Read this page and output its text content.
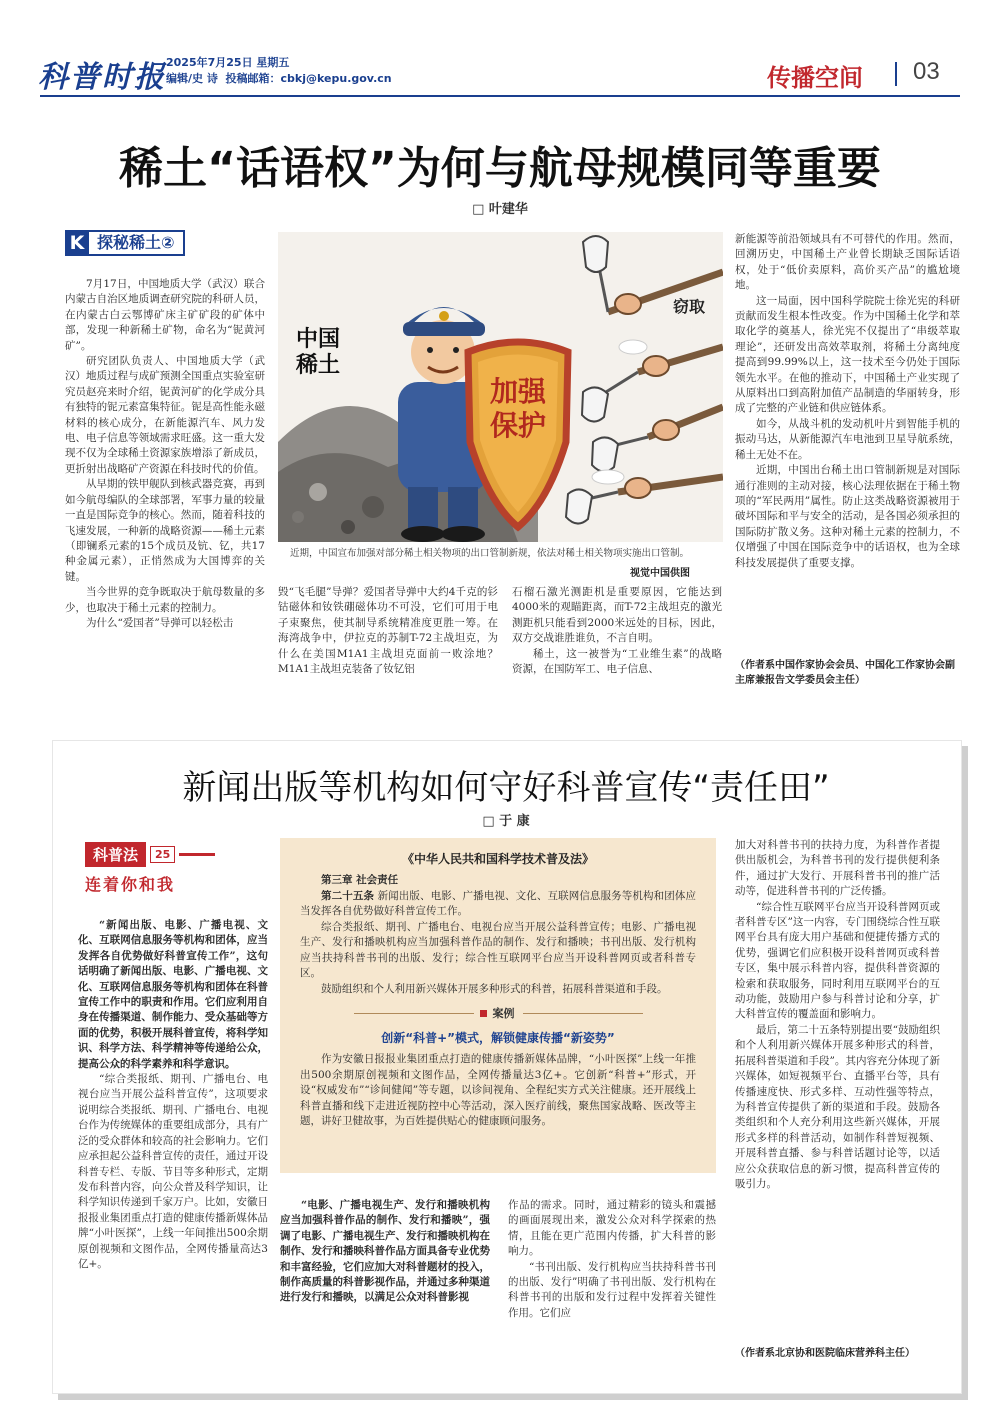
科普时报 2025年7月25日 星期五
编辑/史 诗 投稿邮箱：cbkj@kepu.gov.cn	传播空间 03
稀土“话语权”为何与航母规模同等重要
□ 叶建华
K 探秘稀土②

7月17日，中国地质大学（武汉）联合内蒙古自治区地质调查研究院的科研人员，在内蒙古白云鄂博矿床主矿矿段的矿体中部，发现一种新稀土矿物，命名为“铌黄河矿”。

研究团队负责人、中国地质大学（武汉）地质过程与成矿预测全国重点实验室研究员赵亮来时介绍，铌黄河矿的化学成分具有独特的铌元素富集特征。铌是高性能永磁材料的核心成分，在新能源汽车、风力发电、电子信息等领域需求旺盛。这一重大发现不仅为全球稀土资源家族增添了新成员，更折射出战略矿产资源在科技时代的价值。

从早期的铁甲舰队到核武器竞赛，再到如今航母编队的全球部署，军事力量的较量一直是国际竞争的核心。然而，随着科技的飞速发展，一种新的战略资源——稀土元素（即镧系元素的15个成员及钪、钇，共17种金属元素），正悄然成为大国博弈的关键。

当今世界的竞争既取决于航母数量的多少，也取决于稀土元素的控制力。

为什么“爱国者”导弹可以轻松击

中国
稀土
加强
保护
窃取
近期，中国宣布加强对部分稀土相关物项的出口管制新规，依法对稀土相关物项实施出口管制。
视觉中国供图

毁“飞毛腿”导弹？爱国者导弹中大约4千克的钐钴磁体和钕铁硼磁体功不可没，它们可用于电子束聚焦，使其制导系统精准度更胜一筹。在海湾战争中，伊拉克的苏制T-72主战坦克，为什么在美国M1A1主战坦克面前一败涂地？M1A1主战坦克装备了钕钇铝

石榴石激光测距机是重要原因，它能达到4000米的观瞄距离，而T-72主战坦克的激光测距机只能看到2000米远处的目标，因此，双方交战谁胜谁负，不言自明。

稀土，这一被誉为“工业维生素”的战略资源，在国防军工、电子信息、

新能源等前沿领域具有不可替代的作用。然而，回溯历史，中国稀土产业曾长期缺乏国际话语权，处于“低价卖原料，高价买产品”的尴尬境地。

这一局面，因中国科学院院士徐光宪的科研贡献而发生根本性改变。作为中国稀土化学和萃取化学的奠基人，徐光宪不仅提出了“串级萃取理论”，还研发出高效萃取剂，将稀土分离纯度提高到99.99%以上，这一技术至今仍处于国际领先水平。在他的推动下，中国稀土产业实现了从原料出口到高附加值产品制造的华丽转身，形成了完整的产业链和供应链体系。

如今，从战斗机的发动机叶片到智能手机的振动马达，从新能源汽车电池到卫星导航系统，稀土无处不在。

近期，中国出台稀土出口管制新规是对国际通行准则的主动对接，核心法理依据在于稀土物项的“军民两用”属性。防止这类战略资源被用于破坏国际和平与安全的活动，是各国必须承担的国际防扩散义务。这种对稀土元素的控制力，不仅增强了中国在国际竞争中的话语权，也为全球科技发展提供了重要支撑。

（作者系中国作家协会会员、中国化工作家协会副主席兼报告文学委员会主任）
新闻出版等机构如何守好科普宣传“责任田”
□ 于 康
科普法	25
连着你和我

“新闻出版、电影、广播电视、文化、互联网信息服务等机构和团体，应当发挥各自优势做好科普宣传工作”，这句话明确了新闻出版、电影、广播电视、文化、互联网信息服务等机构和团体在科普宣传工作中的职责和作用。它们应利用自身在传播渠道、制作能力、受众基础等方面的优势，积极开展科普宣传，将科学知识、科学方法、科学精神等传递给公众，提高公众的科学素养和科学意识。

“综合类报纸、期刊、广播电台、电视台应当开展公益科普宣传”，这项要求说明综合类报纸、期刊、广播电台、电视台作为传统媒体的重要组成部分，具有广泛的受众群体和较高的社会影响力。它们应承担起公益科普宣传的责任，通过开设科普专栏、专版、节目等多种形式，定期发布科普内容，向公众普及科学知识，让科学知识传递到千家万户。比如，安徽日报报业集团重点打造的健康传播新媒体品牌“小叶医探”，上线一年间推出500余期原创视频和文图作品，全网传播量高达3亿+。

《中华人民共和国科学技术普及法》

第三章 社会责任

第二十五条 新闻出版、电影、广播电视、文化、互联网信息服务等机构和团体应当发挥各自优势做好科普宣传工作。

综合类报纸、期刊、广播电台、电视台应当开展公益科普宣传；电影、广播电视生产、发行和播映机构应当加强科普作品的制作、发行和播映；书刊出版、发行机构应当扶持科普书刊的出版、发行；综合性互联网平台应当开设科普网页或者科普专区。

鼓励组织和个人利用新兴媒体开展多种形式的科普，拓展科普渠道和手段。

案例
创新“科普+”模式，解锁健康传播“新姿势”

作为安徽日报报业集团重点打造的健康传播新媒体品牌，“小叶医探”上线一年推出500余期原创视频和文图作品，全网传播量达3亿+。它创新“科普+”形式，开设“权威发布”“诊间健闻”等专题，以诊间视角、全程纪实方式关注健康。还开展线上科普直播和线下走进近视防控中心等活动，深入医疗前线，聚焦国家战略、医改等主题，讲好卫健故事，为百姓提供贴心的健康顾问服务。

“电影、广播电视生产、发行和播映机构应当加强科普作品的制作、发行和播映”，强调了电影、广播电视生产、发行和播映机构在制作、发行和播映科普作品方面具备专业优势和丰富经验，它们应加大对科普题材的投入，制作高质量的科普影视作品，并通过多种渠道进行发行和播映，以满足公众对科普影视

作品的需求。同时，通过精彩的镜头和震撼的画面展现出来，激发公众对科学探索的热情，且能在更广范围内传播，扩大科普的影响力。

“书刊出版、发行机构应当扶持科普书刊的出版、发行”明确了书刊出版、发行机构在科普书刊的出版和发行过程中发挥着关键性作用。它们应

加大对科普书刊的扶持力度，为科普作者提供出版机会，为科普书刊的发行提供便利条件，通过扩大发行、开展科普书刊的推广活动等，促进科普书刊的广泛传播。

“综合性互联网平台应当开设科普网页或者科普专区”这一内容，专门围绕综合性互联网平台具有庞大用户基础和便捷传播方式的优势，强调它们应积极开设科普网页或科普专区，集中展示科普内容，提供科普资源的检索和获取服务，同时利用互联网平台的互动功能，鼓励用户参与科普讨论和分享，扩大科普宣传的覆盖面和影响力。

最后，第二十五条特别提出要“鼓励组织和个人利用新兴媒体开展多种形式的科普，拓展科普渠道和手段”。其内容充分体现了新兴媒体，如短视频平台、直播平台等，具有传播速度快、形式多样、互动性强等特点，为科普宣传提供了新的渠道和手段。鼓励各类组织和个人充分利用这些新兴媒体，开展形式多样的科普活动，如制作科普短视频、开展科普直播、参与科普话题讨论等，以适应公众获取信息的新习惯，提高科普宣传的吸引力。

（作者系北京协和医院临床营养科主任）
